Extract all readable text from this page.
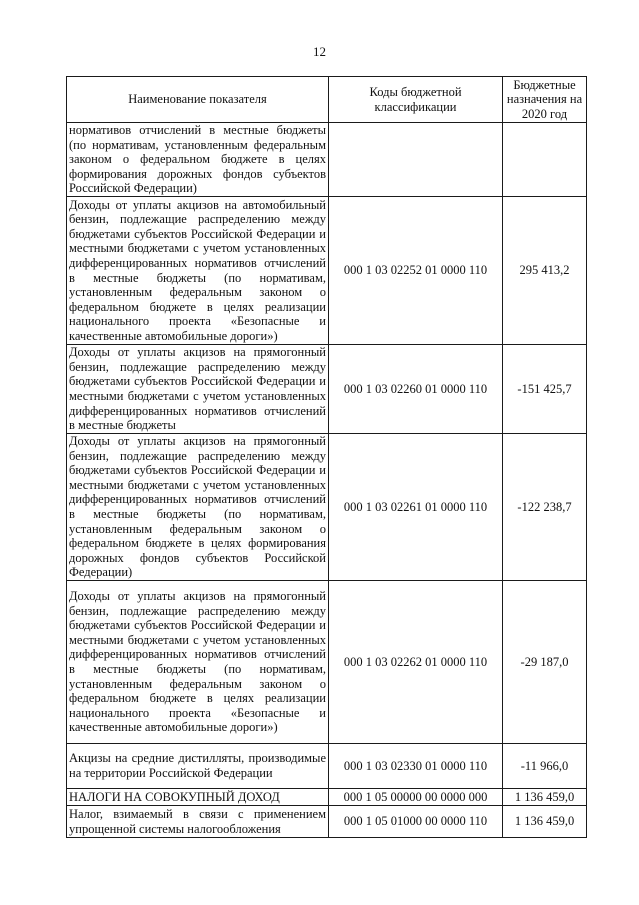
12
Наименование показателя	Коды бюджетной классификации	Бюджетные назначения на 2020 год
нормативов отчислений в местные бюджеты (по нормативам, установленным федеральным законом о федеральном бюджете в целях формирования дорожных фондов субъектов Российской Федерации)		
Доходы от уплаты акцизов на автомобильный бензин, подлежащие распределению между бюджетами субъектов Российской Федерации и местными бюджетами с учетом установленных дифференцированных нормативов отчислений в местные бюджеты (по нормативам, установленным федеральным законом о федеральном бюджете в целях реализации национального проекта «Безопасные и качественные автомобильные дороги»)	000 1 03 02252 01 0000 110	295 413,2
Доходы от уплаты акцизов на прямогонный бензин, подлежащие распределению между бюджетами субъектов Российской Федерации и местными бюджетами с учетом установленных дифференцированных нормативов отчислений в местные бюджеты	000 1 03 02260 01 0000 110	-151 425,7
Доходы от уплаты акцизов на прямогонный бензин, подлежащие распределению между бюджетами субъектов Российской Федерации и местными бюджетами с учетом установленных дифференцированных нормативов отчислений в местные бюджеты (по нормативам, установленным федеральным законом о федеральном бюджете в целях формирования дорожных фондов субъектов Российской Федерации)	000 1 03 02261 01 0000 110	-122 238,7
Доходы от уплаты акцизов на прямогонный бензин, подлежащие распределению между бюджетами субъектов Российской Федерации и местными бюджетами с учетом установленных дифференцированных нормативов отчислений в местные бюджеты (по нормативам, установленным федеральным законом о федеральном бюджете в целях реализации национального проекта «Безопасные и качественные автомобильные дороги»)	000 1 03 02262 01 0000 110	-29 187,0
Акцизы на средние дистилляты, производимые на территории Российской Федерации	000 1 03 02330 01 0000 110	-11 966,0
НАЛОГИ НА СОВОКУПНЫЙ ДОХОД	000 1 05 00000 00 0000 000	1 136 459,0
Налог, взимаемый в связи с применением упрощенной системы налогообложения	000 1 05 01000 00 0000 110	1 136 459,0
